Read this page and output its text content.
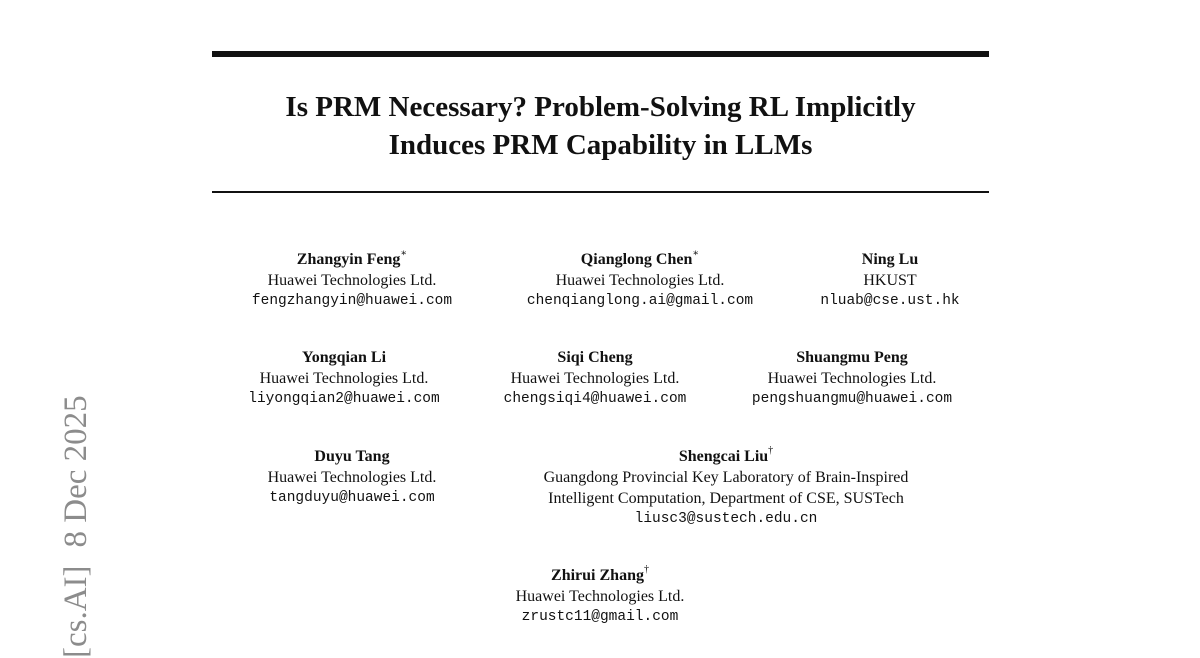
Is PRM Necessary? Problem-Solving RL Implicitly
Induces PRM Capability in LLMs
Zhangyin Feng∗
Huawei Technologies Ltd.
fengzhangyin@huawei.com
Qianglong Chen∗
Huawei Technologies Ltd.
chenqianglong.ai@gmail.com
Ning Lu
HKUST
nluab@cse.ust.hk
Yongqian Li
Huawei Technologies Ltd.
liyongqian2@huawei.com
Siqi Cheng
Huawei Technologies Ltd.
chengsiqi4@huawei.com
Shuangmu Peng
Huawei Technologies Ltd.
pengshuangmu@huawei.com
Duyu Tang
Huawei Technologies Ltd.
tangduyu@huawei.com
Shengcai Liu†
Guangdong Provincial Key Laboratory of Brain-Inspired
Intelligent Computation, Department of CSE, SUSTech
liusc3@sustech.edu.cn
Zhirui Zhang†
Huawei Technologies Ltd.
zrustc11@gmail.com
[cs.AI]8 Dec 2025
